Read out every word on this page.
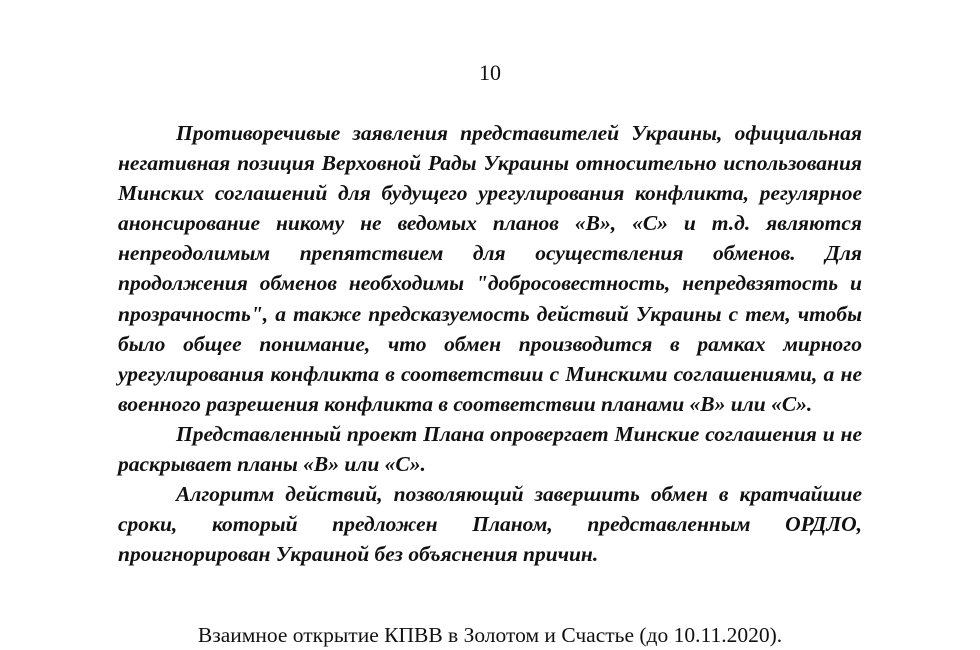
10

Противоречивые заявления представителей Украины, официальная негативная позиция Верховной Рады Украины относительно использования Минских соглашений для будущего урегулирования конфликта, регулярное анонсирование никому не ведомых планов «В», «С» и т.д. являются непреодолимым препятствием для осуществления обменов. Для продолжения обменов необходимы "добросовестность, непредвзятость и прозрачность", а также предсказуемость действий Украины с тем, чтобы было общее понимание, что обмен производится в рамках мирного урегулирования конфликта в соответствии с Минскими соглашениями, а не военного разрешения конфликта в соответствии планами «В» или «С».

Представленный проект Плана опровергает Минские соглашения и не раскрывает планы «В» или «С».

Алгоритм действий, позволяющий завершить обмен в кратчайшие сроки, который предложен Планом, представленным ОРДЛО, проигнорирован Украиной без объяснения причин.

Взаимное открытие КПВВ в Золотом и Счастье (до 10.11.2020).
